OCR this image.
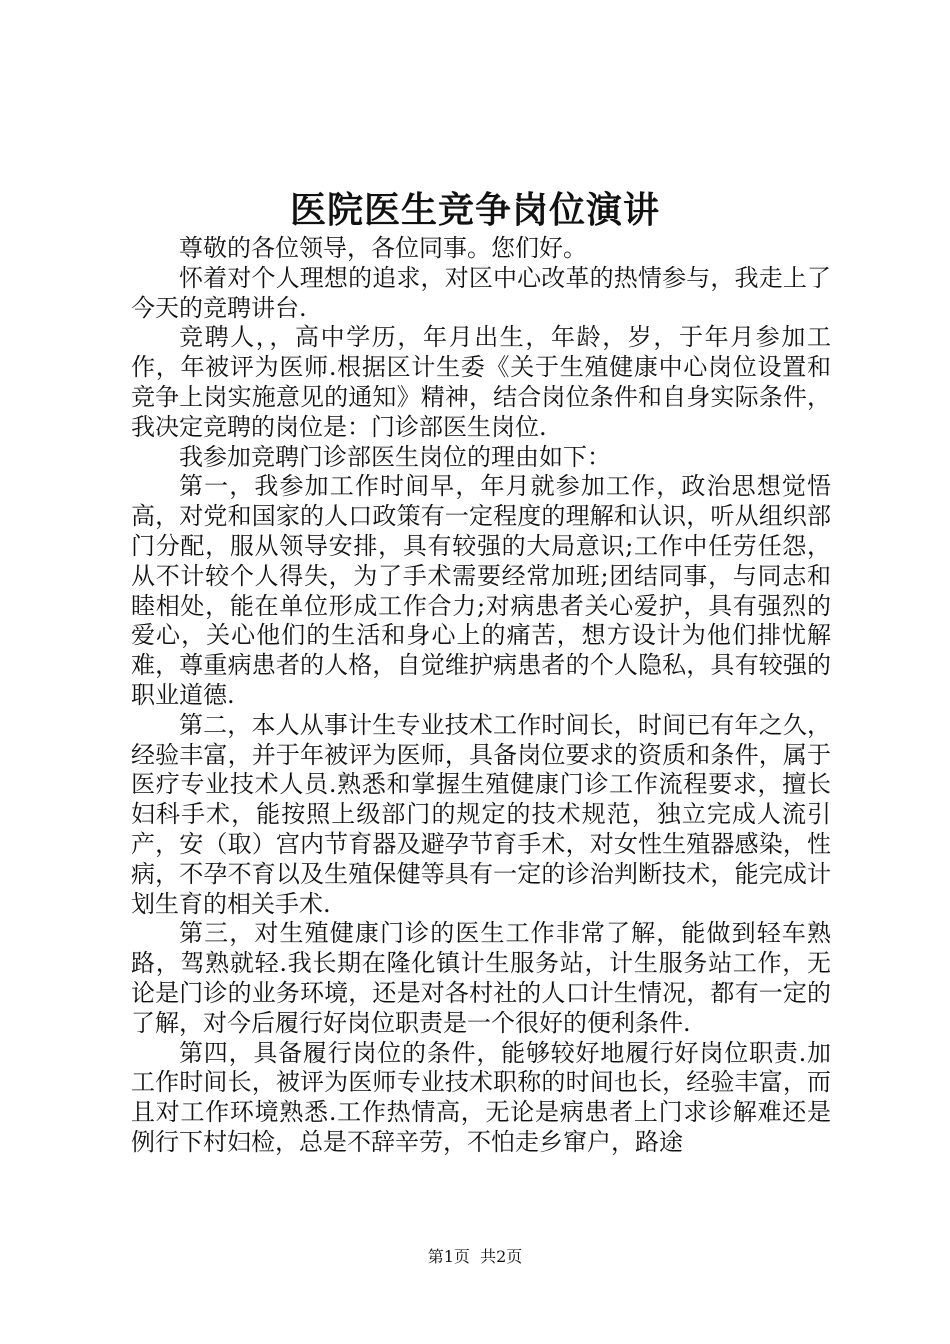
医院医生竞争岗位演讲

尊敬的各位领导，各位同事。您们好。

怀着对个人理想的追求，对区中心改革的热情参与，我走上了今天的竞聘讲台.

竞聘人，，高中学历，年月出生，年龄，岁，于年月参加工作，年被评为医师.根据区计生委《关于生殖健康中心岗位设置和竞争上岗实施意见的通知》精神，结合岗位条件和自身实际条件，我决定竞聘的岗位是：门诊部医生岗位.

我参加竞聘门诊部医生岗位的理由如下：

第一，我参加工作时间早，年月就参加工作，政治思想觉悟高，对党和国家的人口政策有一定程度的理解和认识，听从组织部门分配，服从领导安排，具有较强的大局意识;工作中任劳任怨，从不计较个人得失，为了手术需要经常加班;团结同事，与同志和睦相处，能在单位形成工作合力;对病患者关心爱护，具有强烈的爱心，关心他们的生活和身心上的痛苦，想方设计为他们排忧解难，尊重病患者的人格，自觉维护病患者的个人隐私，具有较强的职业道德.

第二，本人从事计生专业技术工作时间长，时间已有年之久，经验丰富，并于年被评为医师，具备岗位要求的资质和条件，属于医疗专业技术人员.熟悉和掌握生殖健康门诊工作流程要求，擅长妇科手术，能按照上级部门的规定的技术规范，独立完成人流引产，安（取）宫内节育器及避孕节育手术，对女性生殖器感染，性病，不孕不育以及生殖保健等具有一定的诊治判断技术，能完成计划生育的相关手术.

第三，对生殖健康门诊的医生工作非常了解，能做到轻车熟路，驾熟就轻.我长期在隆化镇计生服务站，计生服务站工作，无论是门诊的业务环境，还是对各村社的人口计生情况，都有一定的了解，对今后履行好岗位职责是一个很好的便利条件.

第四，具备履行岗位的条件，能够较好地履行好岗位职责.加工作时间长，被评为医师专业技术职称的时间也长，经验丰富，而且对工作环境熟悉.工作热情高，无论是病患者上门求诊解难还是例行下村妇检，总是不辞辛劳，不怕走乡窜户，路途

第1页  共2页
